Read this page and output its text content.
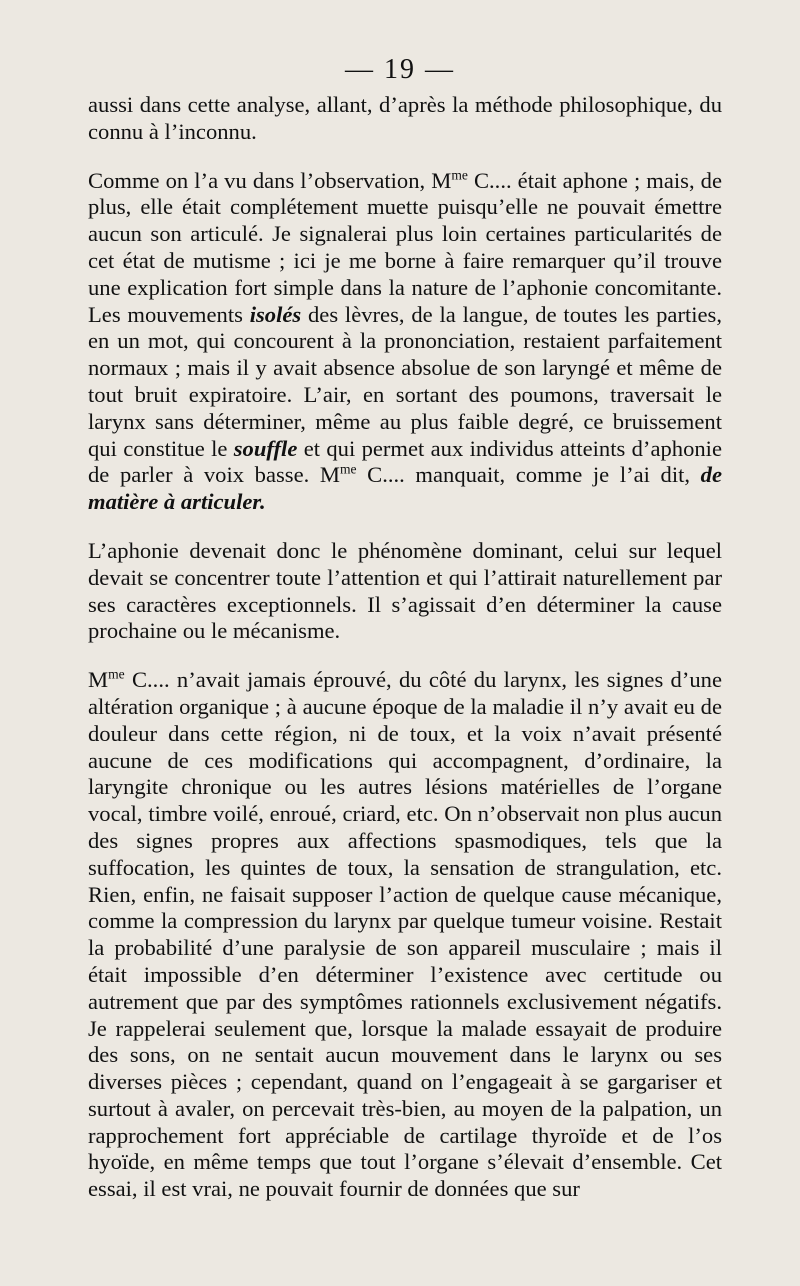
— 19 —

aussi dans cette analyse, allant, d’après la méthode philosophique, du connu à l’inconnu.

Comme on l’a vu dans l’observation, $M^{me}$ C.... était aphone ; mais, de plus, elle était complétement muette puisqu’elle ne pouvait émettre aucun son articulé. Je signalerai plus loin certaines particularités de cet état de mutisme ; ici je me borne à faire remarquer qu’il trouve une explication fort simple dans la nature de l’aphonie concomitante. Les mouvements isolés des lèvres, de la langue, de toutes les parties, en un mot, qui concourent à la prononciation, restaient parfaitement normaux ; mais il y avait absence absolue de son laryngé et même de tout bruit expiratoire. L’air, en sortant des poumons, traversait le larynx sans déterminer, même au plus faible degré, ce bruissement qui constitue le souffle et qui permet aux individus atteints d’aphonie de parler à voix basse. $M^{me}$ C.... manquait, comme je l’ai dit, de matière à articuler.

L’aphonie devenait donc le phénomène dominant, celui sur lequel devait se concentrer toute l’attention et qui l’attirait naturellement par ses caractères exceptionnels. Il s’agissait d’en déterminer la cause prochaine ou le mécanisme.

$M^{me}$ C.... n’avait jamais éprouvé, du côté du larynx, les signes d’une altération organique ; à aucune époque de la maladie il n’y avait eu de douleur dans cette région, ni de toux, et la voix n’avait présenté aucune de ces modifications qui accompagnent, d’ordinaire, la laryngite chronique ou les autres lésions matérielles de l’organe vocal, timbre voilé, enroué, criard, etc. On n’observait non plus aucun des signes propres aux affections spasmodiques, tels que la suffocation, les quintes de toux, la sensation de strangulation, etc. Rien, enfin, ne faisait supposer l’action de quelque cause mécanique, comme la compression du larynx par quelque tumeur voisine. Restait la probabilité d’une paralysie de son appareil musculaire ; mais il était impossible d’en déterminer l’existence avec certitude ou autrement que par des symptômes rationnels exclusivement négatifs. Je rappelerai seulement que, lorsque la malade essayait de produire des sons, on ne sentait aucun mouvement dans le larynx ou ses diverses pièces ; cependant, quand on l’engageait à se gargariser et surtout à avaler, on percevait très-bien, au moyen de la palpation, un rapprochement fort appréciable de cartilage thyroïde et de l’os hyoïde, en même temps que tout l’organe s’élevait d’ensemble. Cet essai, il est vrai, ne pouvait fournir de données que sur
